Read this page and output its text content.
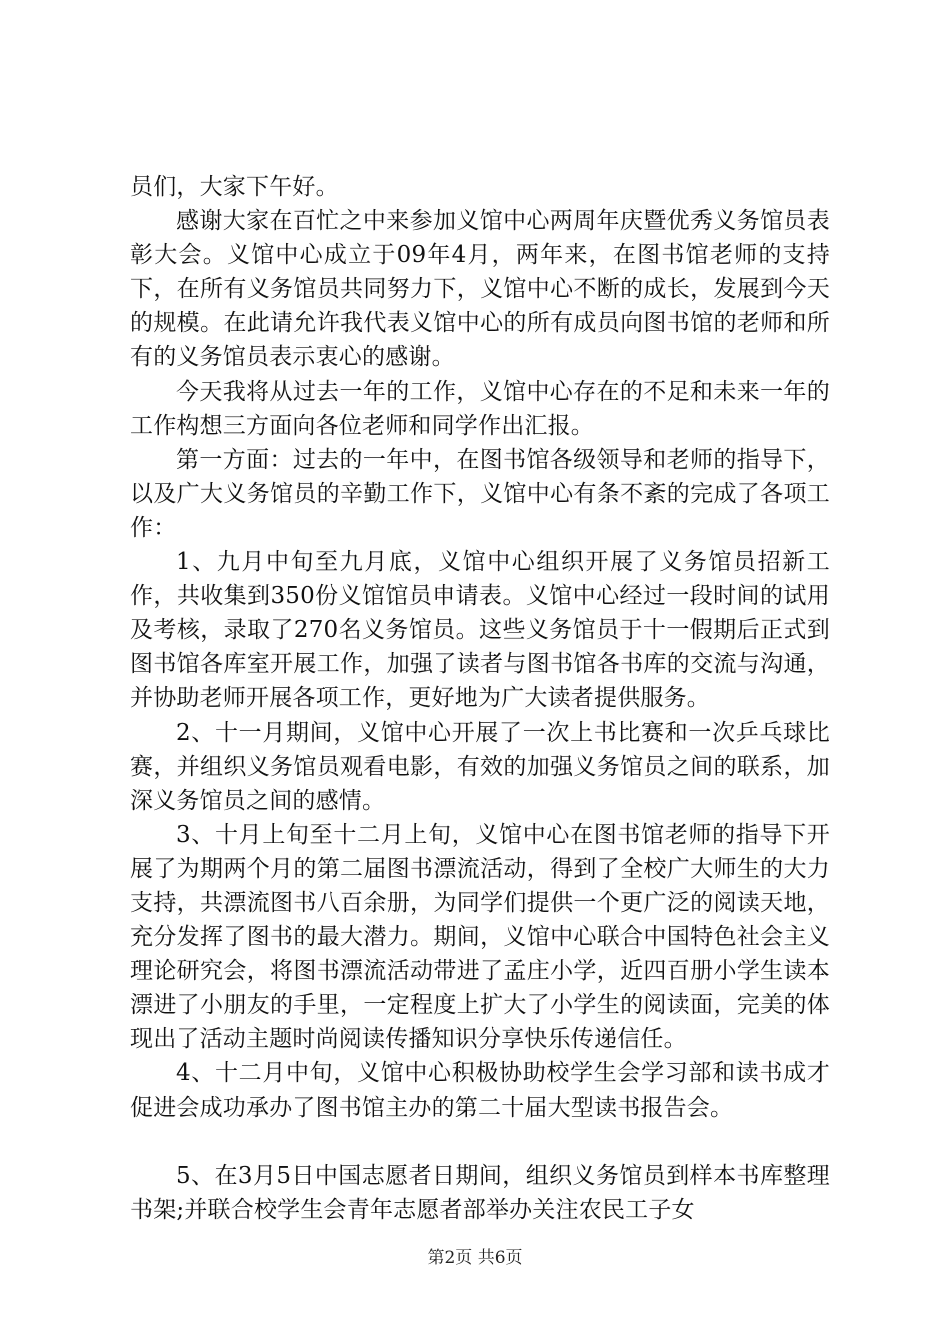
员们，大家下午好。

感谢大家在百忙之中来参加义馆中心两周年庆暨优秀义务馆员表彰大会。义馆中心成立于09年4月，两年来，在图书馆老师的支持下，在所有义务馆员共同努力下，义馆中心不断的成长，发展到今天的规模。在此请允许我代表义馆中心的所有成员向图书馆的老师和所有的义务馆员表示衷心的感谢。

今天我将从过去一年的工作，义馆中心存在的不足和未来一年的工作构想三方面向各位老师和同学作出汇报。

第一方面：过去的一年中，在图书馆各级领导和老师的指导下，以及广大义务馆员的辛勤工作下，义馆中心有条不紊的完成了各项工作：

1、九月中旬至九月底，义馆中心组织开展了义务馆员招新工作，共收集到350份义馆馆员申请表。义馆中心经过一段时间的试用及考核，录取了270名义务馆员。这些义务馆员于十一假期后正式到图书馆各库室开展工作，加强了读者与图书馆各书库的交流与沟通，并协助老师开展各项工作，更好地为广大读者提供服务。

2、十一月期间，义馆中心开展了一次上书比赛和一次乒乓球比赛，并组织义务馆员观看电影，有效的加强义务馆员之间的联系，加深义务馆员之间的感情。

3、十月上旬至十二月上旬，义馆中心在图书馆老师的指导下开展了为期两个月的第二届图书漂流活动，得到了全校广大师生的大力支持，共漂流图书八百余册，为同学们提供一个更广泛的阅读天地，充分发挥了图书的最大潜力。期间，义馆中心联合中国特色社会主义理论研究会，将图书漂流活动带进了孟庄小学，近四百册小学生读本漂进了小朋友的手里，一定程度上扩大了小学生的阅读面，完美的体现出了活动主题时尚阅读传播知识分享快乐传递信任。

4、十二月中旬，义馆中心积极协助校学生会学习部和读书成才促进会成功承办了图书馆主办的第二十届大型读书报告会。

5、在3月5日中国志愿者日期间，组织义务馆员到样本书库整理书架;并联合校学生会青年志愿者部举办关注农民工子女

第2页 共6页
